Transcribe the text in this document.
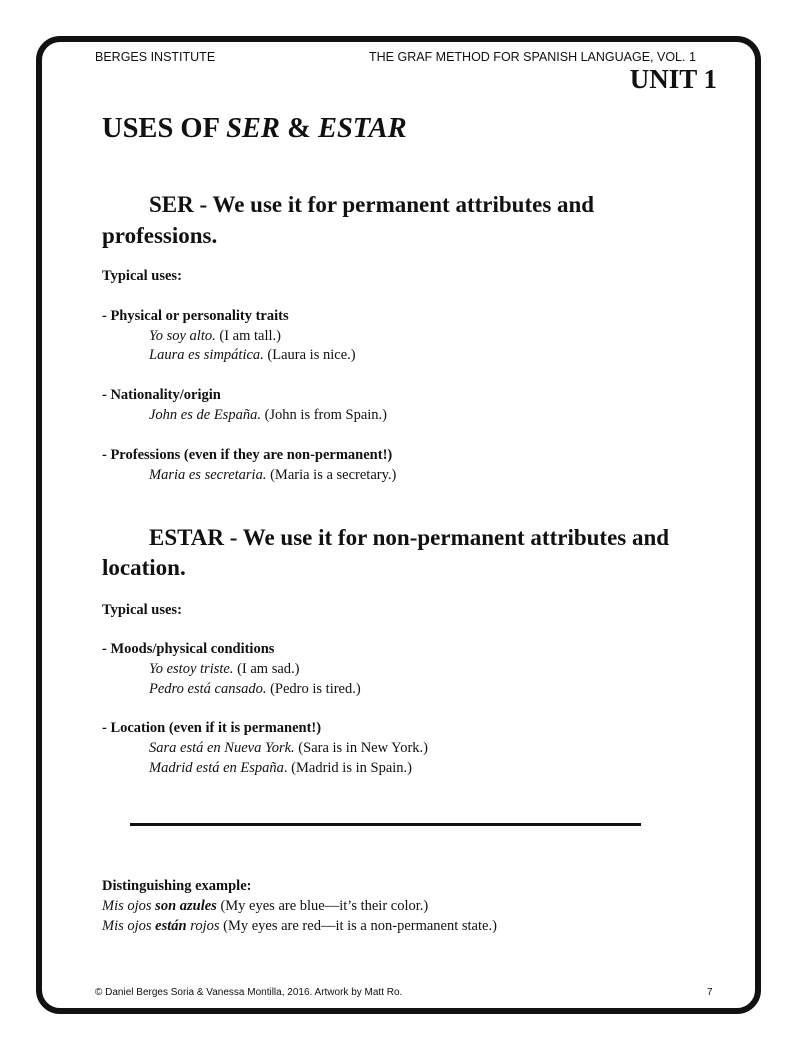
BERGES INSTITUTE	THE GRAF METHOD FOR SPANISH LANGUAGE, VOL. 1
UNIT 1
USES OF SER & ESTAR
SER - We use it for permanent attributes and
professions.
Typical uses:
- Physical or personality traits
Yo soy alto. (I am tall.)
Laura es simpática. (Laura is nice.)
- Nationality/origin
John es de España. (John is from Spain.)
- Professions (even if they are non-permanent!)
Maria es secretaria. (Maria is a secretary.)
ESTAR - We use it for non-permanent attributes and
location.
Typical uses:
- Moods/physical conditions
Yo estoy triste. (I am sad.)
Pedro está cansado. (Pedro is tired.)
- Location (even if it is permanent!)
Sara está en Nueva York. (Sara is in New York.)
Madrid está en España. (Madrid is in Spain.)
Distinguishing example:
Mis ojos son azules (My eyes are blue—it’s their color.)
Mis ojos están rojos (My eyes are red—it is a non-permanent state.)
© Daniel Berges Soria & Vanessa Montilla, 2016. Artwork by Matt Ro.	7
